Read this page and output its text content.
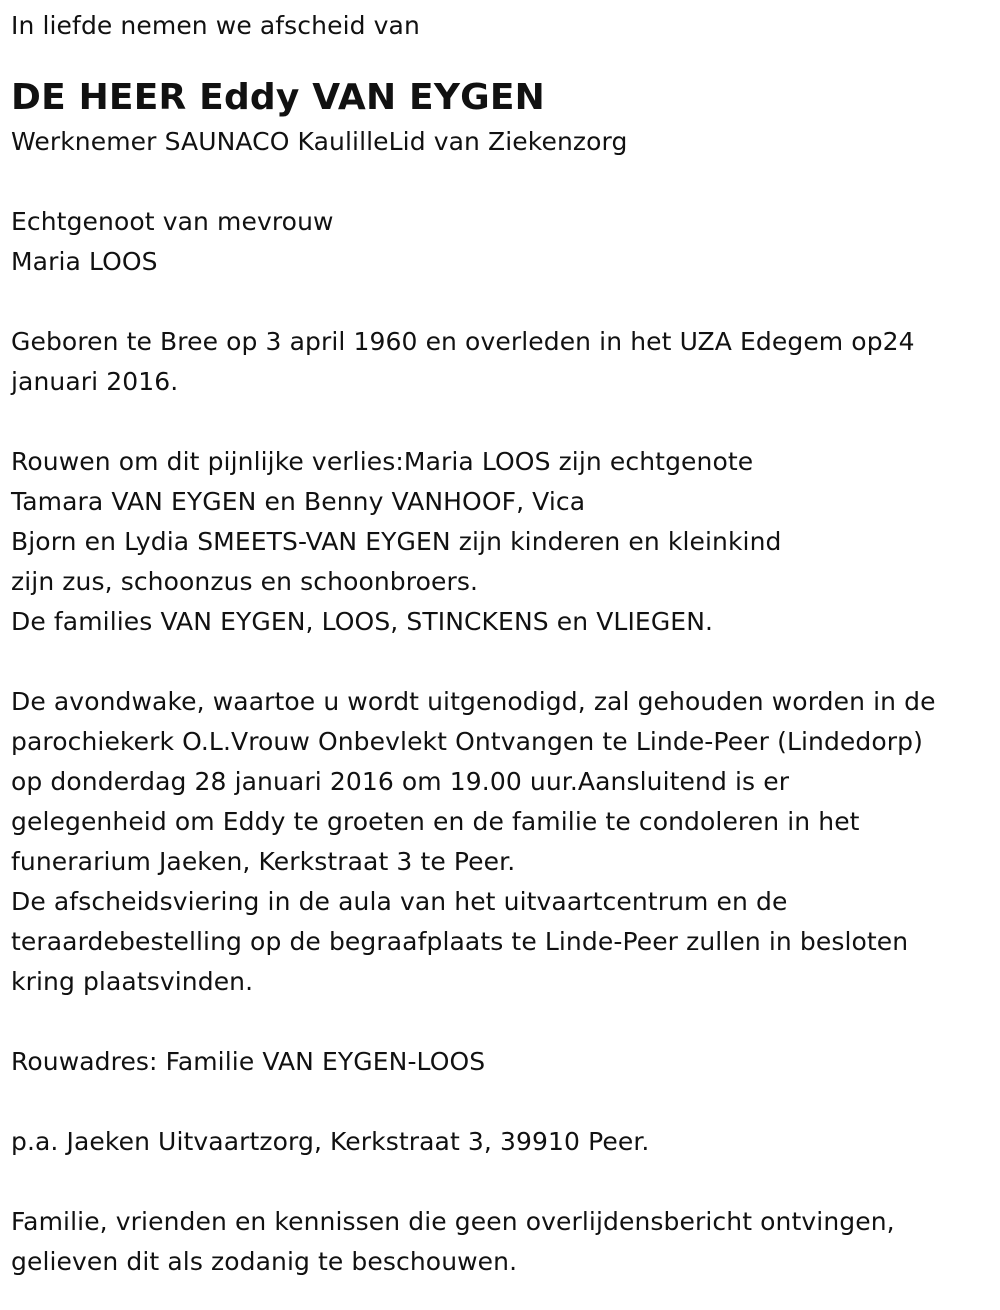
In liefde nemen we afscheid van

DE HEER Eddy VAN EYGEN

Werknemer SAUNACO KaulilleLid van Ziekenzorg

Echtgenoot van mevrouw

Maria LOOS

Geboren te Bree op 3 april 1960 en overleden in het UZA Edegem op24

januari 2016.

Rouwen om dit pijnlijke verlies:Maria LOOS zijn echtgenote

Tamara VAN EYGEN en Benny VANHOOF, Vica

Bjorn en Lydia SMEETS-VAN EYGEN zijn kinderen en kleinkind

zijn zus, schoonzus en schoonbroers.

De families VAN EYGEN, LOOS, STINCKENS en VLIEGEN.

De avondwake, waartoe u wordt uitgenodigd, zal gehouden worden in de

parochiekerk O.L.Vrouw Onbevlekt Ontvangen te Linde-Peer (Lindedorp)

op donderdag 28 januari 2016 om 19.00 uur.Aansluitend is er

gelegenheid om Eddy te groeten en de familie te condoleren in het

funerarium Jaeken, Kerkstraat 3 te Peer.

De afscheidsviering in de aula van het uitvaartcentrum en de

teraardebestelling op de begraafplaats te Linde-Peer zullen in besloten

kring plaatsvinden.

Rouwadres: Familie VAN EYGEN-LOOS

p.a. Jaeken Uitvaartzorg, Kerkstraat 3, 39910 Peer.

Familie, vrienden en kennissen die geen overlijdensbericht ontvingen,

gelieven dit als zodanig te beschouwen.
